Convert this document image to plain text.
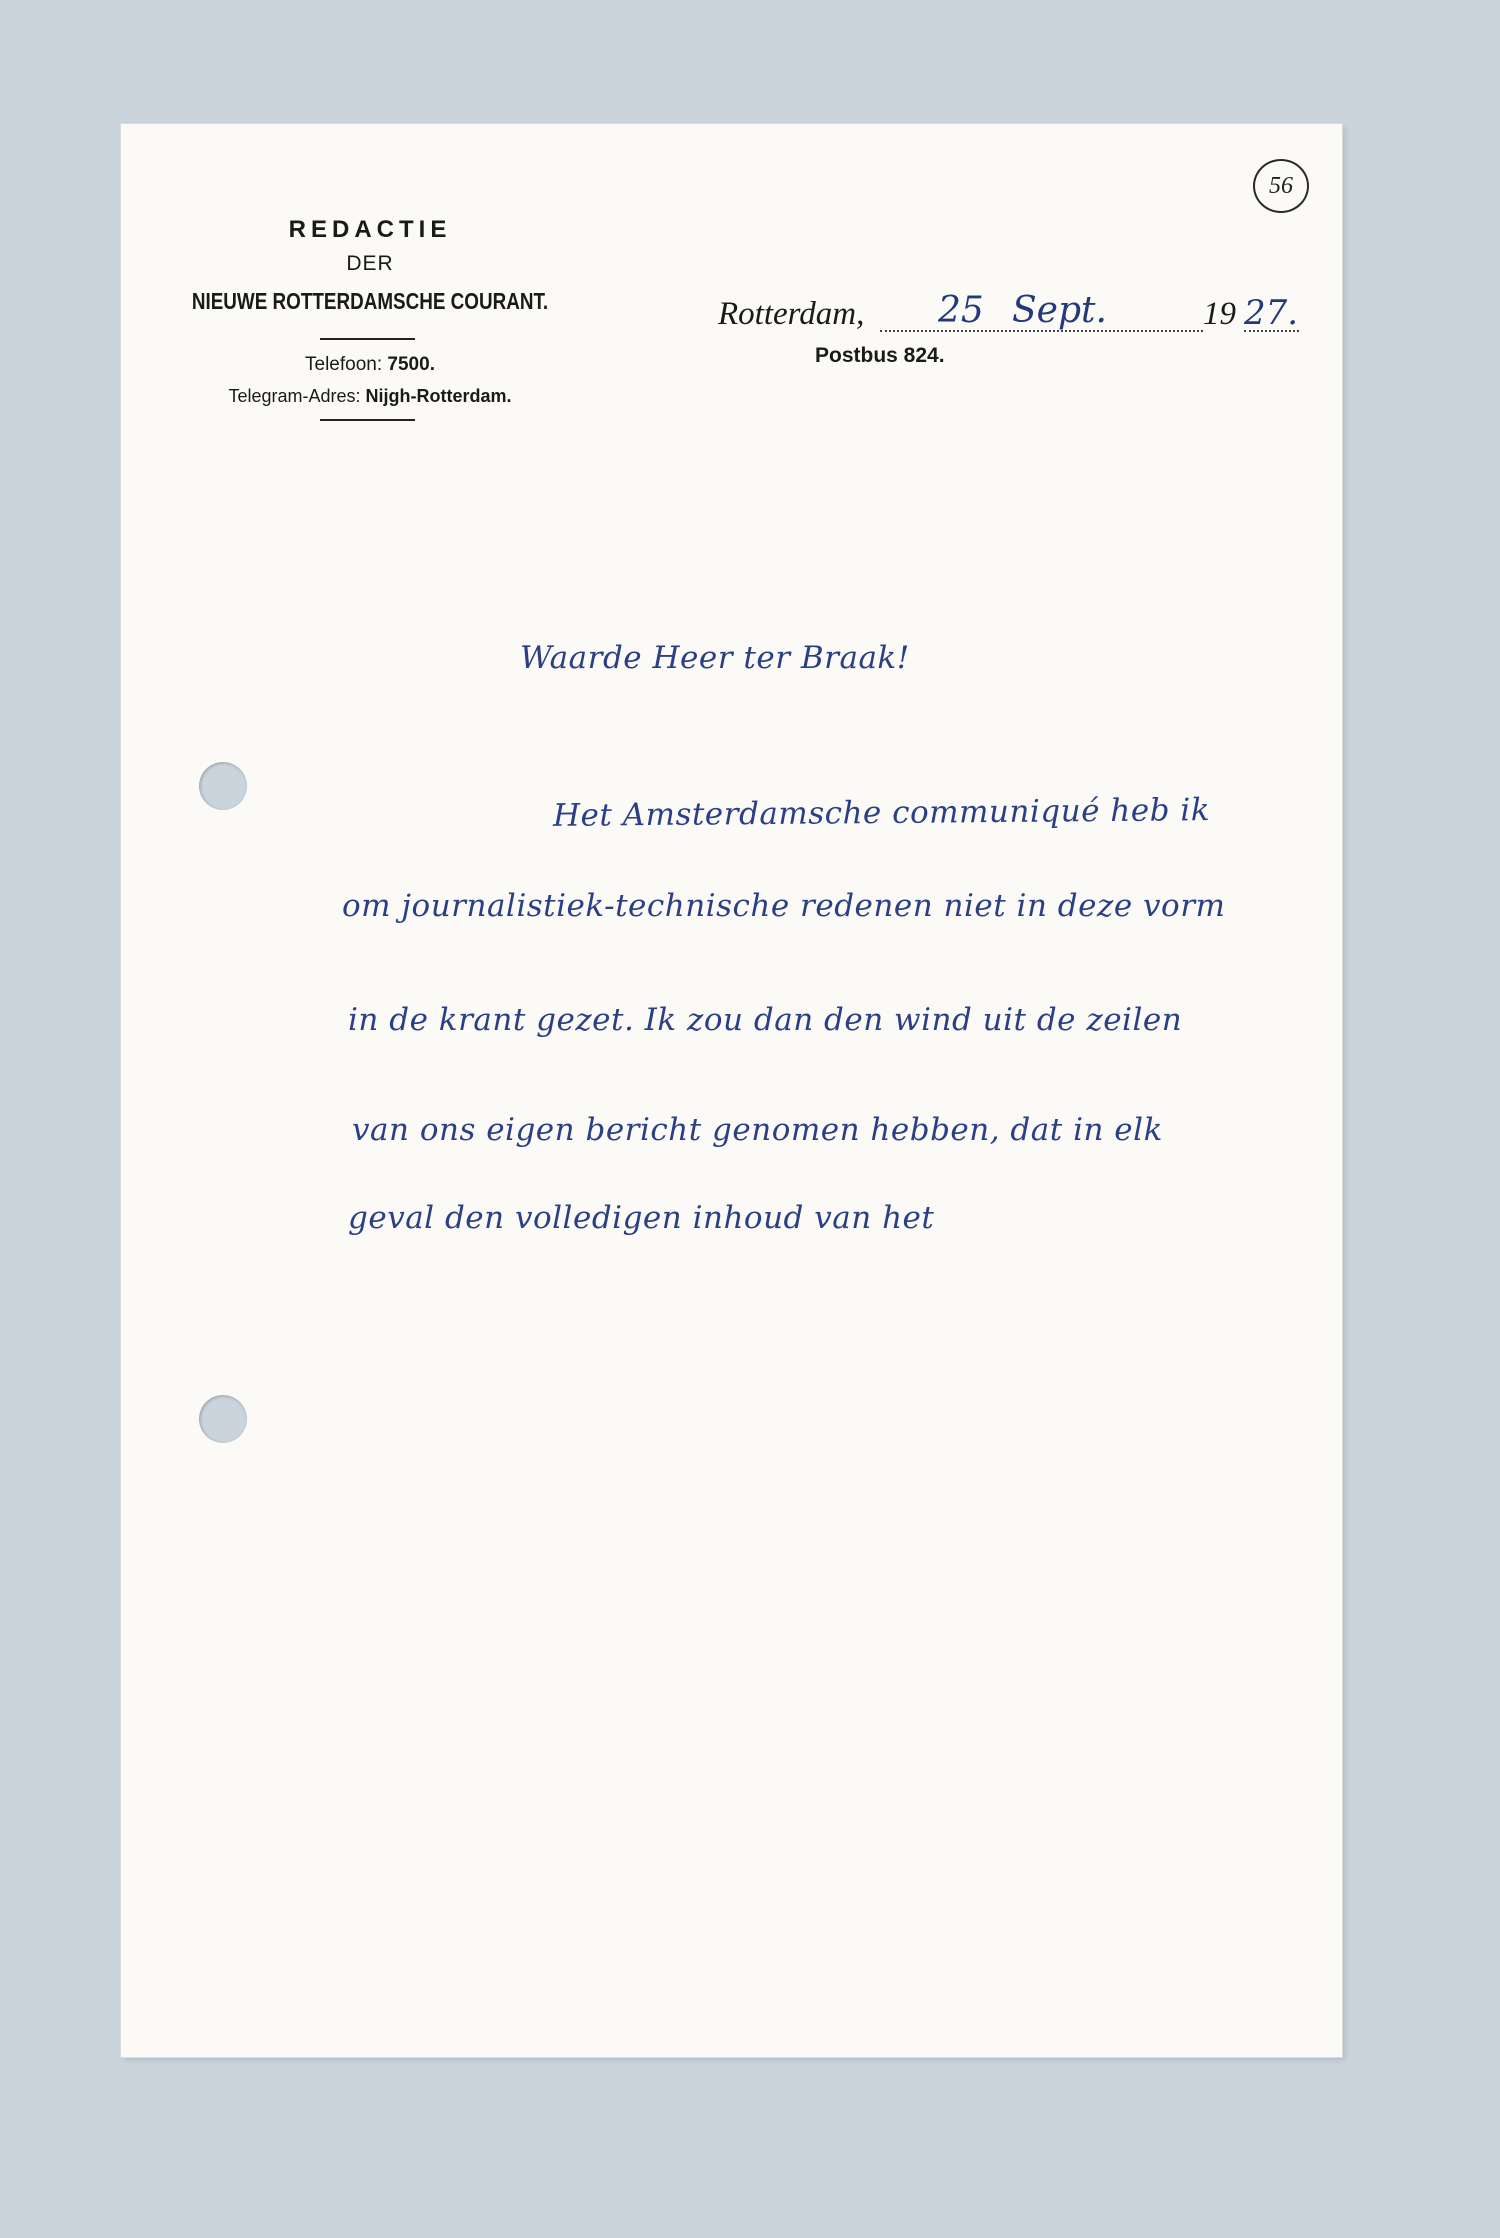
56
REDACTIE
DER
NIEUWE ROTTERDAMSCHE COURANT.
Telefoon: 7500.
Telegram-Adres: Nijgh-Rotterdam.
Rotterdam, 25 Sept.	19 27.
Postbus 824.
Waarde Heer ter Braak!
Het Amsterdamsche communiqué heb ik
om journalistiek-technische redenen niet in deze vorm
in de krant gezet. Ik zou dan den wind uit de zeilen
van ons eigen bericht genomen hebben, dat in elk
geval den volledigen inhoud van het
